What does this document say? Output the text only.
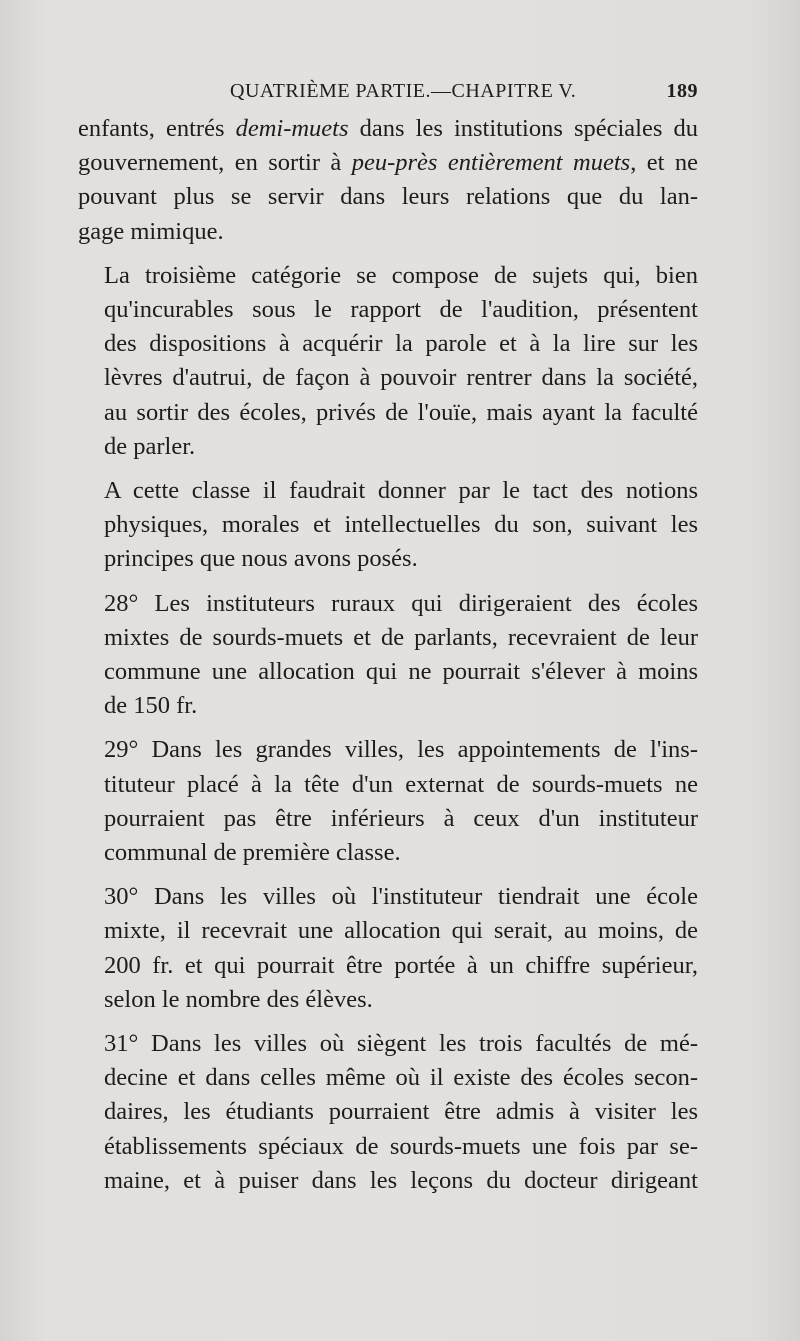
QUATRIÈME PARTIE.—CHAPITRE V.	189

enfants, entrés demi-muets dans les institutions spéciales du
gouvernement, en sortir à peu-près entièrement muets, et ne
pouvant plus se servir dans leurs relations que du lan-
gage mimique.

La troisième catégorie se compose de sujets qui, bien
qu'incurables sous le rapport de l'audition, présentent
des dispositions à acquérir la parole et à la lire sur les
lèvres d'autrui, de façon à pouvoir rentrer dans la société,
au sortir des écoles, privés de l'ouïe, mais ayant la faculté
de parler.

A cette classe il faudrait donner par le tact des notions
physiques, morales et intellectuelles du son, suivant les
principes que nous avons posés.

28° Les instituteurs ruraux qui dirigeraient des écoles
mixtes de sourds-muets et de parlants, recevraient de leur
commune une allocation qui ne pourrait s'élever à moins
de 150 fr.

29° Dans les grandes villes, les appointements de l'ins-
tituteur placé à la tête d'un externat de sourds-muets ne
pourraient pas être inférieurs à ceux d'un instituteur
communal de première classe.

30° Dans les villes où l'instituteur tiendrait une école
mixte, il recevrait une allocation qui serait, au moins, de
200 fr. et qui pourrait être portée à un chiffre supérieur,
selon le nombre des élèves.

31° Dans les villes où siègent les trois facultés de mé-
decine et dans celles même où il existe des écoles secon-
daires, les étudiants pourraient être admis à visiter les
établissements spéciaux de sourds-muets une fois par se-
maine, et à puiser dans les leçons du docteur dirigeant
